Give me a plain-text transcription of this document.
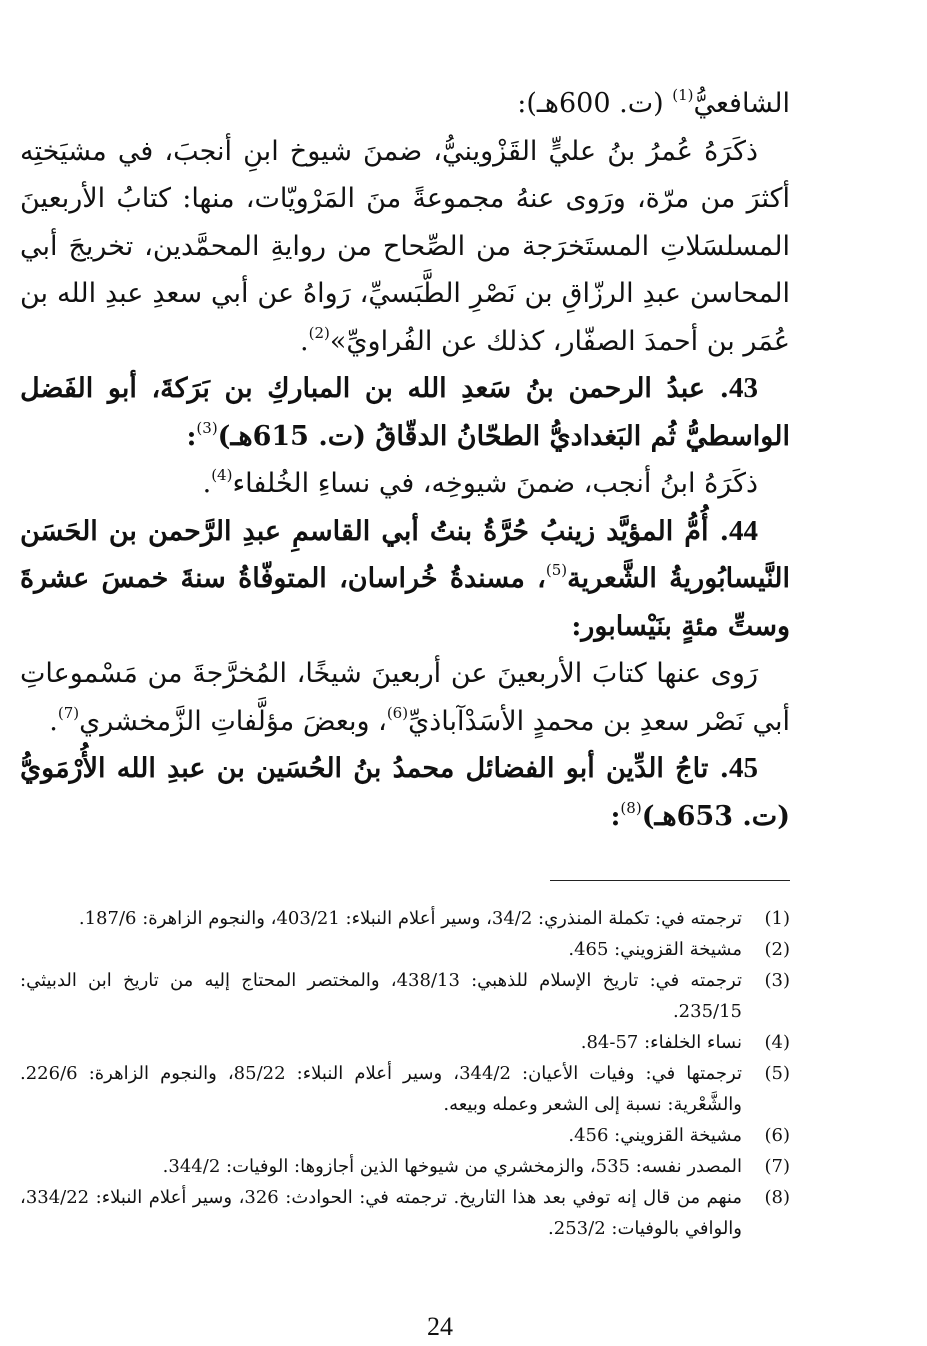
الشافعيُّ$^{(1)}$ (ت. 600هـ):

ذكَرَهُ عُمرُ بنُ عليٍّ القَزْوينيُّ، ضمنَ شيوخ ابنِ أنجبَ، في مشيَختِه أكثرَ من مرّة، ورَوى عنهُ مجموعةً منَ المَرْويّات، منها: كتابُ الأربعينَ المسلسَلاتِ المستَخرَجة من الصِّحاح من روايةِ المحمَّدين، تخريجَ أبي المحاسن عبدِ الرزّاقِ بن نَصْرِ الطَّبَسيِّ، رَواهُ عن أبي سعدِ عبدِ الله بن عُمَر بن أحمدَ الصفّار، كذلك عن الفُراويِّ»$^{(2)}$.

43. عبدُ الرحمن بنُ سَعدِ الله بن المباركِ بن بَرَكةَ، أبو الفَضل الواسطيُّ ثُم البَغداديُّ الطحّانُ الدقّاقُ (ت. 615هـ)$^{(3)}$:

ذكَرَهُ ابنُ أنجب، ضمنَ شيوخِه، في نساءِ الخُلفاء$^{(4)}$.

44. أُمُّ المؤيَّد زينبُ حُرَّةُ بنتُ أبي القاسمِ عبدِ الرَّحمن بن الحَسَن النَّيسابُوريةُ الشَّعرية$^{(5)}$، مسندةُ خُراسان، المتوفّاةُ سنةَ خمسَ عشرةَ وستِّ مئةٍ بنَيْسابور:

رَوى عنها كتابَ الأربعينَ عن أربعينَ شيخًا، المُخرَّجةَ من مَسْموعاتِ أبي نَصْر سعدِ بن محمدٍ الأسَدْآباذيِّ$^{(6)}$، وبعضَ مؤلَّفاتِ الزَّمخشري$^{(7)}$.

45. تاجُ الدِّين أبو الفضائل محمدُ بنُ الحُسَين بن عبدِ الله الأُرْمَويُّ (ت. 653هـ)$^{(8)}$:

(1)
ترجمته في: تكملة المنذري: 34/2، وسير أعلام النبلاء: 403/21، والنجوم الزاهرة: 187/6.
(2)
مشيخة القزويني: 465.
(3)
ترجمته في: تاريخ الإسلام للذهبي: 438/13، والمختصر المحتاج إليه من تاريخ ابن الدبيثي: 235/15.
(4)
نساء الخلفاء: 57-84.
(5)
ترجمتها في: وفيات الأعيان: 344/2، وسير أعلام النبلاء: 85/22، والنجوم الزاهرة: 226/6. والشَّعْرية: نسبة إلى الشعر وعمله وبيعه.
(6)
مشيخة القزويني: 456.
(7)
المصدر نفسه: 535، والزمخشري من شيوخها الذين أجازوها: الوفيات: 344/2.
(8)
منهم من قال إنه توفي بعد هذا التاريخ. ترجمته في: الحوادث: 326، وسير أعلام النبلاء: 334/22، والوافي بالوفيات: 253/2.
24
